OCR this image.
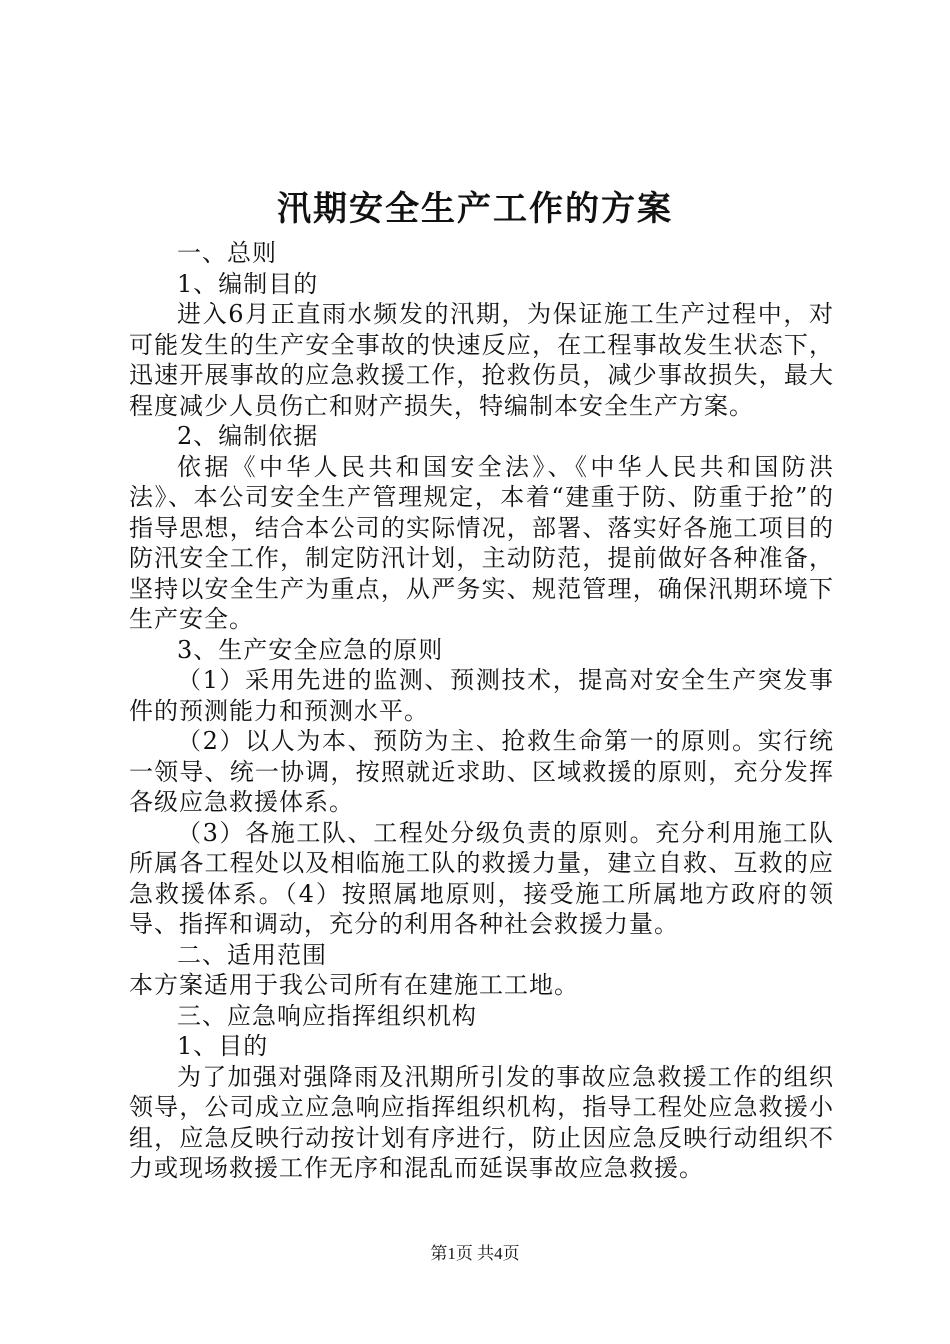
汛期安全生产工作的方案

一、总则

1、编制目的

进入6月正直雨水频发的汛期，为保证施工生产过程中，对可能发生的生产安全事故的快速反应，在工程事故发生状态下，迅速开展事故的应急救援工作，抢救伤员，减少事故损失，最大程度减少人员伤亡和财产损失，特编制本安全生产方案。

2、编制依据

依据《中华人民共和国安全法》、《中华人民共和国防洪法》、本公司安全生产管理规定，本着“建重于防、防重于抢”的指导思想，结合本公司的实际情况，部署、落实好各施工项目的防汛安全工作，制定防汛计划，主动防范，提前做好各种准备，坚持以安全生产为重点，从严务实、规范管理，确保汛期环境下生产安全。

3、生产安全应急的原则

（1）采用先进的监测、预测技术，提高对安全生产突发事件的预测能力和预测水平。

（2）以人为本、预防为主、抢救生命第一的原则。实行统一领导、统一协调，按照就近求助、区域救援的原则，充分发挥各级应急救援体系。

（3）各施工队、工程处分级负责的原则。充分利用施工队所属各工程处以及相临施工队的救援力量，建立自救、互救的应急救援体系。（4）按照属地原则，接受施工所属地方政府的领导、指挥和调动，充分的利用各种社会救援力量。

二、适用范围

本方案适用于我公司所有在建施工工地。

三、应急响应指挥组织机构

1、目的

为了加强对强降雨及汛期所引发的事故应急救援工作的组织领导，公司成立应急响应指挥组织机构，指导工程处应急救援小组，应急反映行动按计划有序进行，防止因应急反映行动组织不力或现场救援工作无序和混乱而延误事故应急救援。

第1页 共4页
